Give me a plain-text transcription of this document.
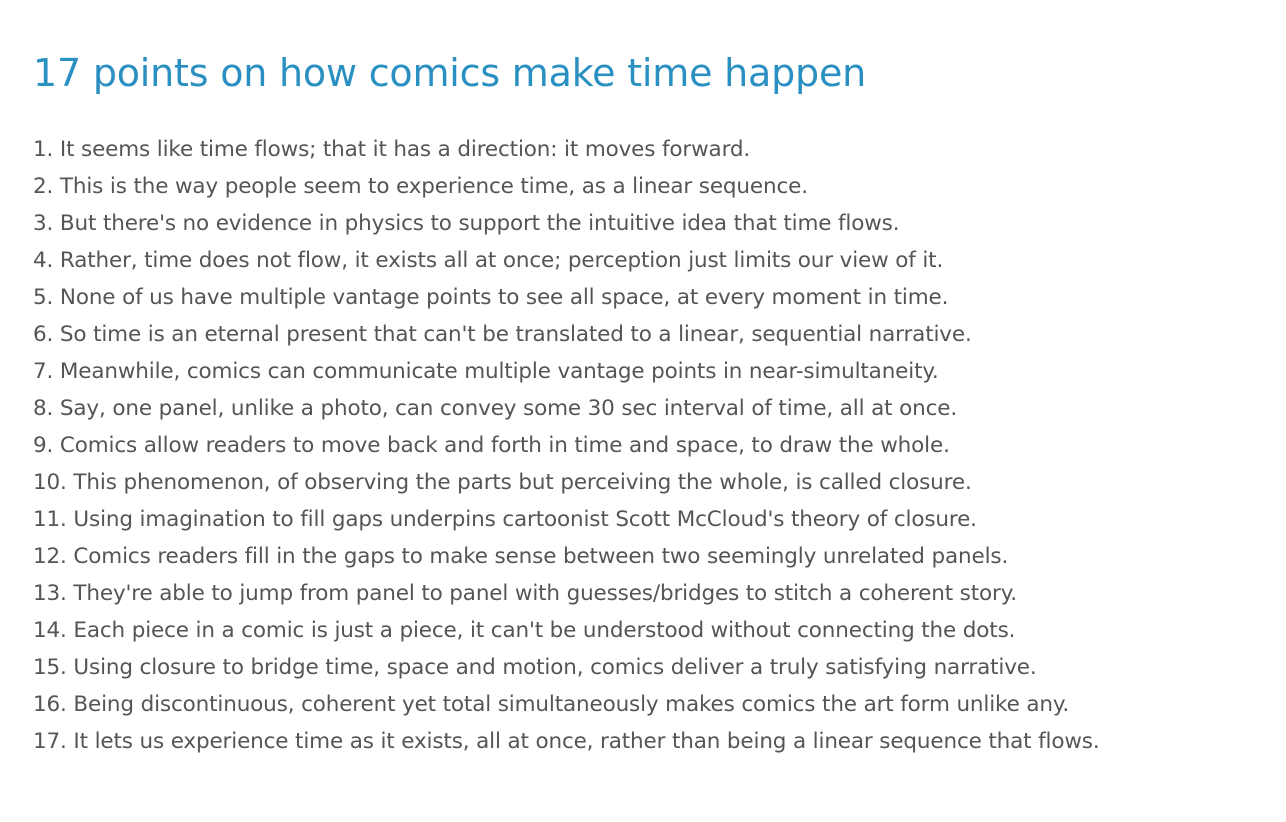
17 points on how comics make time happen
1. It seems like time flows; that it has a direction: it moves forward.
2. This is the way people seem to experience time, as a linear sequence.
3. But there's no evidence in physics to support the intuitive idea that time flows.
4. Rather, time does not flow, it exists all at once; perception just limits our view of it.
5. None of us have multiple vantage points to see all space, at every moment in time.
6. So time is an eternal present that can't be translated to a linear, sequential narrative.
7. Meanwhile, comics can communicate multiple vantage points in near-simultaneity.
8. Say, one panel, unlike a photo, can convey some 30 sec interval of time, all at once.
9. Comics allow readers to move back and forth in time and space, to draw the whole.
10. This phenomenon, of observing the parts but perceiving the whole, is called closure.
11. Using imagination to fill gaps underpins cartoonist Scott McCloud's theory of closure.
12. Comics readers fill in the gaps to make sense between two seemingly unrelated panels.
13. They're able to jump from panel to panel with guesses/bridges to stitch a coherent story.
14. Each piece in a comic is just a piece, it can't be understood without connecting the dots.
15. Using closure to bridge time, space and motion, comics deliver a truly satisfying narrative.
16. Being discontinuous, coherent yet total simultaneously makes comics the art form unlike any.
17. It lets us experience time as it exists, all at once, rather than being a linear sequence that flows.
